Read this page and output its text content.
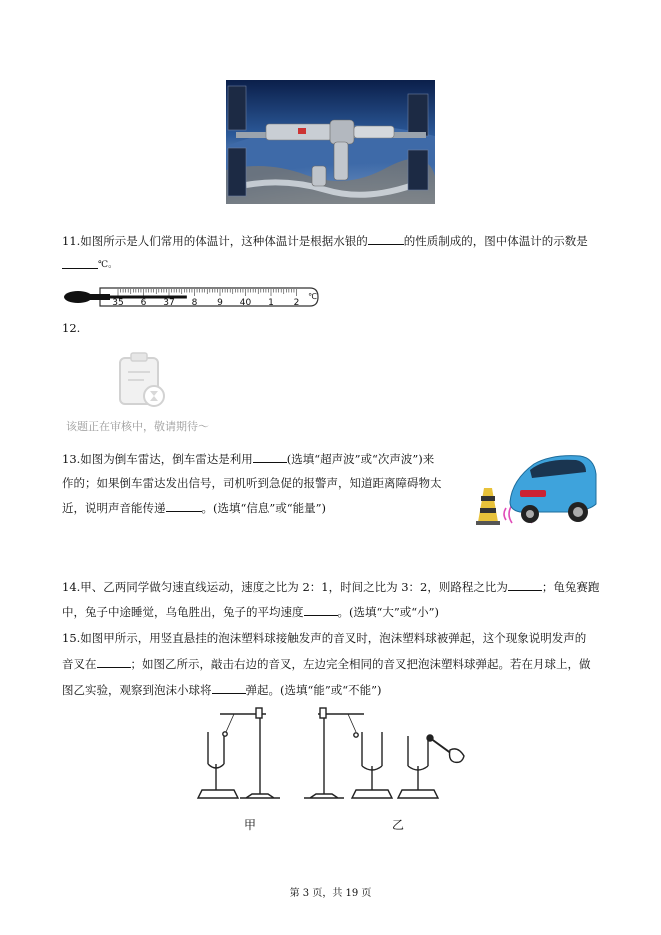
11.如图所示是人们常用的体温计，这种体温计是根据水银的	的性质制成的，图中体温计的示数是
℃。
35 6 37 8 9 40 1 2
℃
12.
该题正在审核中，敬请期待～
13.如图为倒车雷达，倒车雷达是利用	(选填“超声波”或“次声波”)来
作的；如果倒车雷达发出信号，司机听到急促的报警声，知道距离障碍物太
近，说明声音能传递	。(选填“信息”或“能量”)
14.甲、乙两同学做匀速直线运动，速度之比为 2：1，时间之比为 3：2，则路程之比为	；龟兔赛跑
中，兔子中途睡觉，乌龟胜出，兔子的平均速度	。(选填“大”或“小”)
15.如图甲所示，用竖直悬挂的泡沫塑料球接触发声的音叉时，泡沫塑料球被弹起，这个现象说明发声的
音叉在	；如图乙所示，敲击右边的音叉，左边完全相同的音叉把泡沫塑料球弹起。若在月球上，做
图乙实验，观察到泡沫小球将	弹起。(选填“能”或“不能”)
甲	乙
第 3 页，共 19 页
